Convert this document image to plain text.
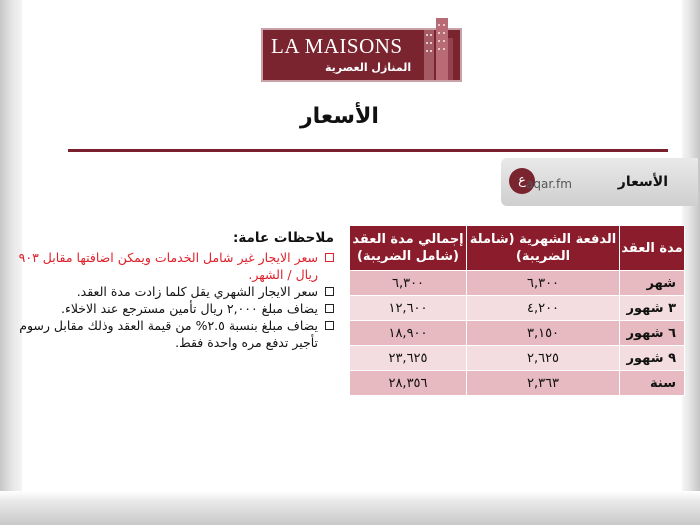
LA MAISONS
المنازل العصرية
الأسعار
ع aqar.fm	الأسعار
إجمالي مدة العقد (شامل الضريبة)	الدفعة الشهرية (شاملة الضريبة)	مدة العقد
٦,٣٠٠	٦,٣٠٠	شهر
١٢,٦٠٠	٤,٢٠٠	٣ شهور
١٨,٩٠٠	٣,١٥٠	٦ شهور
٢٣,٦٢٥	٢,٦٢٥	٩ شهور
٢٨,٣٥٦	٢,٣٦٣	سنة
ملاحظات عامة:
سعر الايجار غير شامل الخدمات ويمكن اضافتها مقابل ٩٠٣ ريال / الشهر.
سعر الايجار الشهري يقل كلما زادت مدة العقد.
يضاف مبلغ ٢,٠٠٠ ريال تأمين مسترجع عند الاخلاء.
يضاف مبلغ بنسبة ٢.٥% من قيمة العقد وذلك مقابل رسوم تأجير تدفع مره واحدة فقط.
